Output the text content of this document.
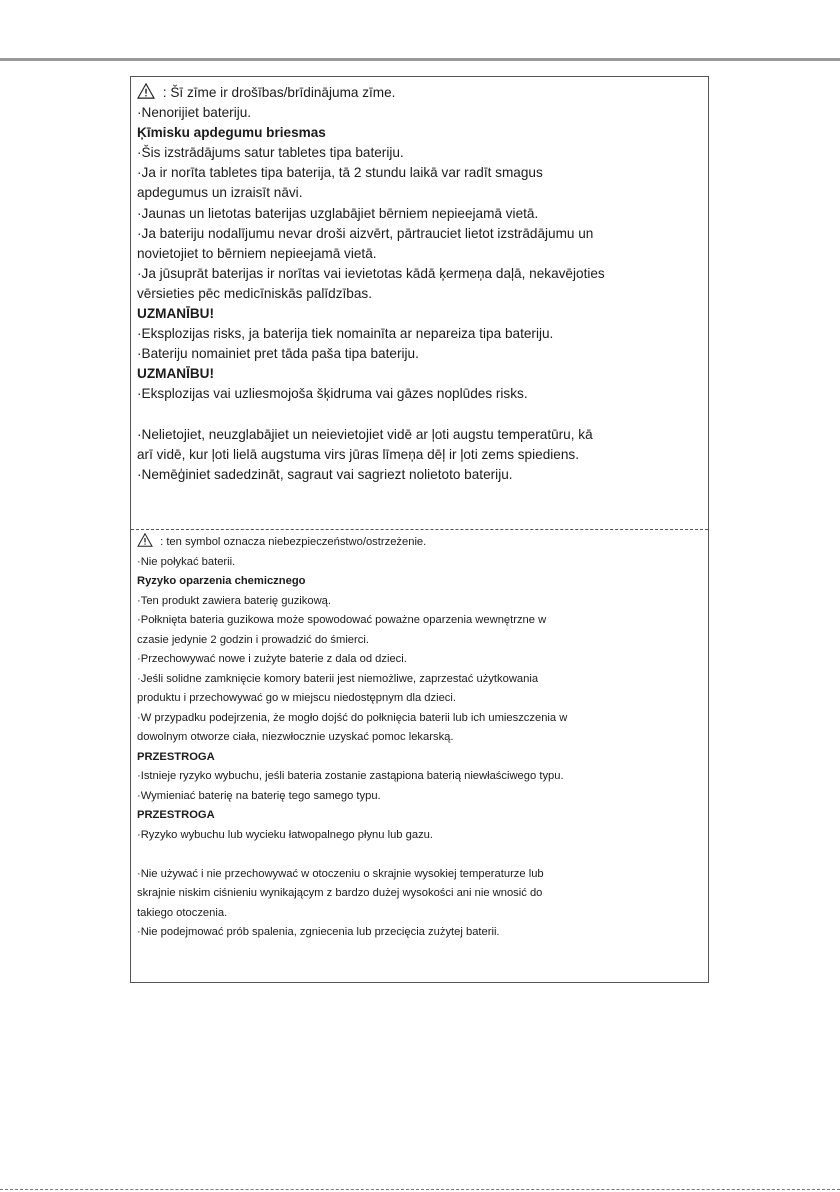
: Šī zīme ir drošības/brīdinājuma zīme.
·Nenorijiet bateriju.
Ķīmisku apdegumu briesmas
·Šis izstrādājums satur tabletes tipa bateriju.
·Ja ir norīta tabletes tipa baterija, tā 2 stundu laikā var radīt smagus
apdegumus un izraisīt nāvi.
·Jaunas un lietotas baterijas uzglabājiet bērniem nepieejamā vietā.
·Ja bateriju nodalījumu nevar droši aizvērt, pārtrauciet lietot izstrādājumu un
novietojiet to bērniem nepieejamā vietā.
·Ja jūsuprāt baterijas ir norītas vai ievietotas kādā ķermeņa daļā, nekavējoties
vērsieties pēc medicīniskās palīdzības.
UZMANĪBU!
·Eksplozijas risks, ja baterija tiek nomainīta ar nepareiza tipa bateriju.
·Bateriju nomainiet pret tāda paša tipa bateriju.
UZMANĪBU!
·Eksplozijas vai uzliesmojoša šķidruma vai gāzes noplūdes risks.
·Nelietojiet, neuzglabājiet un neievietojiet vidē ar ļoti augstu temperatūru, kā
arī vidē, kur ļoti lielā augstuma virs jūras līmeņa dēļ ir ļoti zems spiediens.
·Nemēģiniet sadedzināt, sagraut vai sagriezt nolietoto bateriju.
: ten symbol oznacza niebezpieczeństwo/ostrzeżenie.
·Nie połykać baterii.
Ryzyko oparzenia chemicznego
·Ten produkt zawiera baterię guzikową.
·Połknięta bateria guzikowa może spowodować poważne oparzenia wewnętrzne w
czasie jedynie 2 godzin i prowadzić do śmierci.
·Przechowywać nowe i zużyte baterie z dala od dzieci.
·Jeśli solidne zamknięcie komory baterii jest niemożliwe, zaprzestać użytkowania
produktu i przechowywać go w miejscu niedostępnym dla dzieci.
·W przypadku podejrzenia, że mogło dojść do połknięcia baterii lub ich umieszczenia w
dowolnym otworze ciała, niezwłocznie uzyskać pomoc lekarską.
PRZESTROGA
·Istnieje ryzyko wybuchu, jeśli bateria zostanie zastąpiona baterią niewłaściwego typu.
·Wymieniać baterię na baterię tego samego typu.
PRZESTROGA
·Ryzyko wybuchu lub wycieku łatwopalnego płynu lub gazu.
·Nie używać i nie przechowywać w otoczeniu o skrajnie wysokiej temperaturze lub
skrajnie niskim ciśnieniu wynikającym z bardzo dużej wysokości ani nie wnosić do
takiego otoczenia.
·Nie podejmować prób spalenia, zgniecenia lub przecięcia zużytej baterii.
